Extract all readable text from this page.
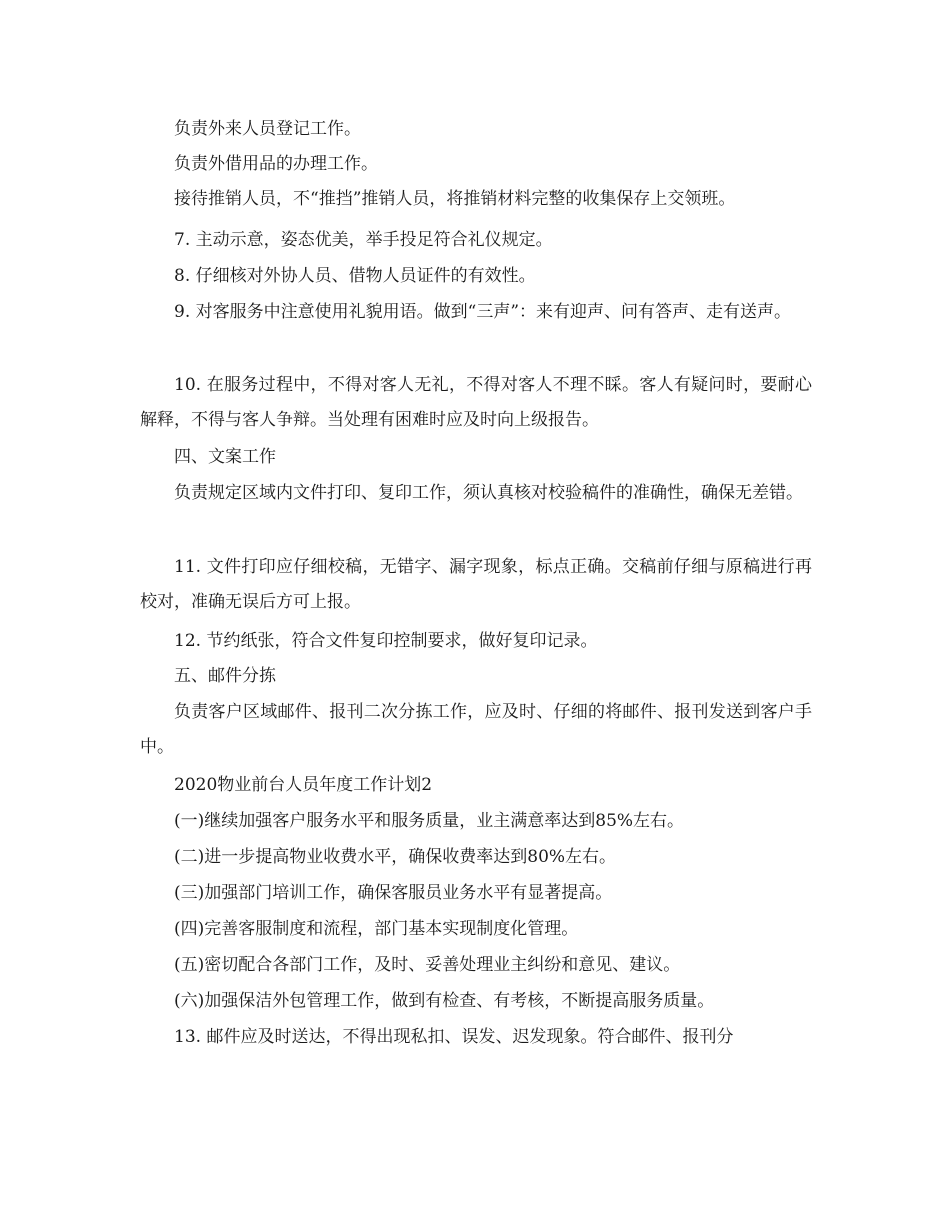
负责外来人员登记工作。

负责外借用品的办理工作。

接待推销人员，不“推挡”推销人员，将推销材料完整的收集保存上交领班。

7. 主动示意，姿态优美，举手投足符合礼仪规定。

8. 仔细核对外协人员、借物人员证件的有效性。

9. 对客服务中注意使用礼貌用语。做到“三声”：来有迎声、问有答声、走有送声。

10. 在服务过程中，不得对客人无礼，不得对客人不理不睬。客人有疑问时，要耐心解释，不得与客人争辩。当处理有困难时应及时向上级报告。

四、文案工作

负责规定区域内文件打印、复印工作，须认真核对校验稿件的准确性，确保无差错。

11. 文件打印应仔细校稿，无错字、漏字现象，标点正确。交稿前仔细与原稿进行再校对，准确无误后方可上报。

12. 节约纸张，符合文件复印控制要求，做好复印记录。

五、邮件分拣

负责客户区域邮件、报刊二次分拣工作，应及时、仔细的将邮件、报刊发送到客户手中。

2020物业前台人员年度工作计划2

(一)继续加强客户服务水平和服务质量，业主满意率达到85%左右。

(二)进一步提高物业收费水平，确保收费率达到80%左右。

(三)加强部门培训工作，确保客服员业务水平有显著提高。

(四)完善客服制度和流程，部门基本实现制度化管理。

(五)密切配合各部门工作，及时、妥善处理业主纠纷和意见、建议。

(六)加强保洁外包管理工作，做到有检查、有考核，不断提高服务质量。

13. 邮件应及时送达，不得出现私扣、误发、迟发现象。符合邮件、报刊分
